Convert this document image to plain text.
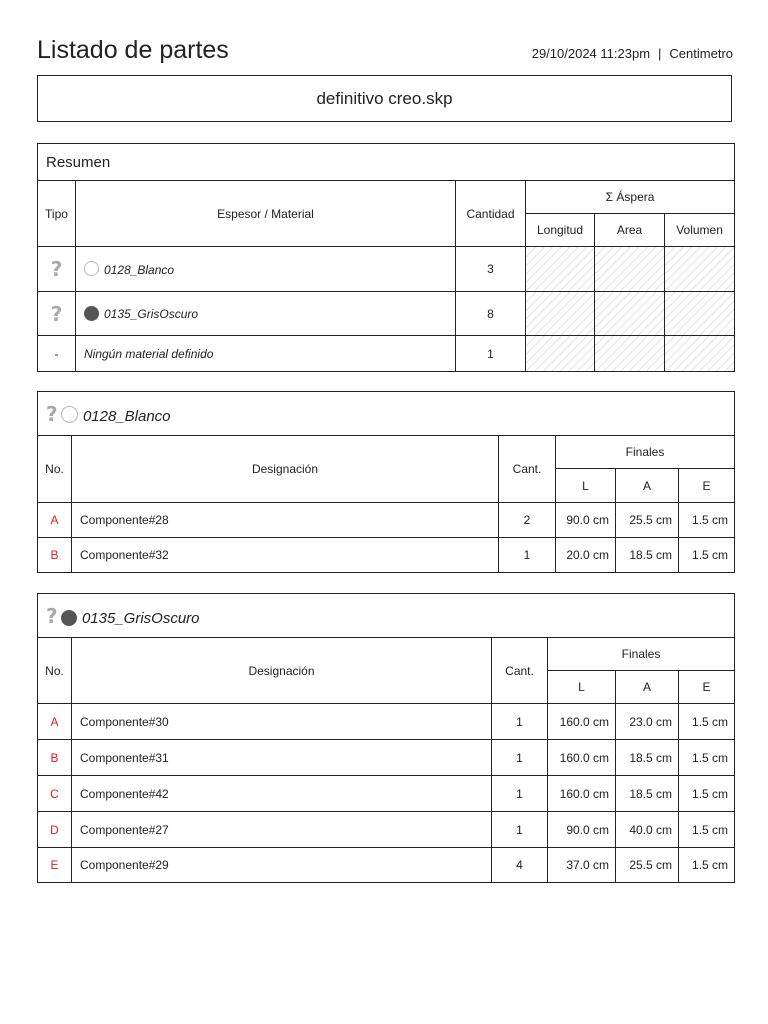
Listado de partes	29/10/2024 11:23pm | Centimetro
definitivo creo.skp
Resumen					
Tipo	Espesor / Material	Cantidad	Σ Áspera		
			Longitud	Area	Volumen
?	0128_Blanco	3			
?	0135_GrisOscuro	8			
-	Ningún material definido	1			
? 0128_Blanco					
No.	Designación	Cant.	Finales		
			L	A	E
A	Componente#28	2	90.0 cm	25.5 cm	1.5 cm
B	Componente#32	1	20.0 cm	18.5 cm	1.5 cm
? 0135_GrisOscuro					
No.	Designación	Cant.	Finales		
			L	A	E
A	Componente#30	1	160.0 cm	23.0 cm	1.5 cm
B	Componente#31	1	160.0 cm	18.5 cm	1.5 cm
C	Componente#42	1	160.0 cm	18.5 cm	1.5 cm
D	Componente#27	1	90.0 cm	40.0 cm	1.5 cm
E	Componente#29	4	37.0 cm	25.5 cm	1.5 cm
